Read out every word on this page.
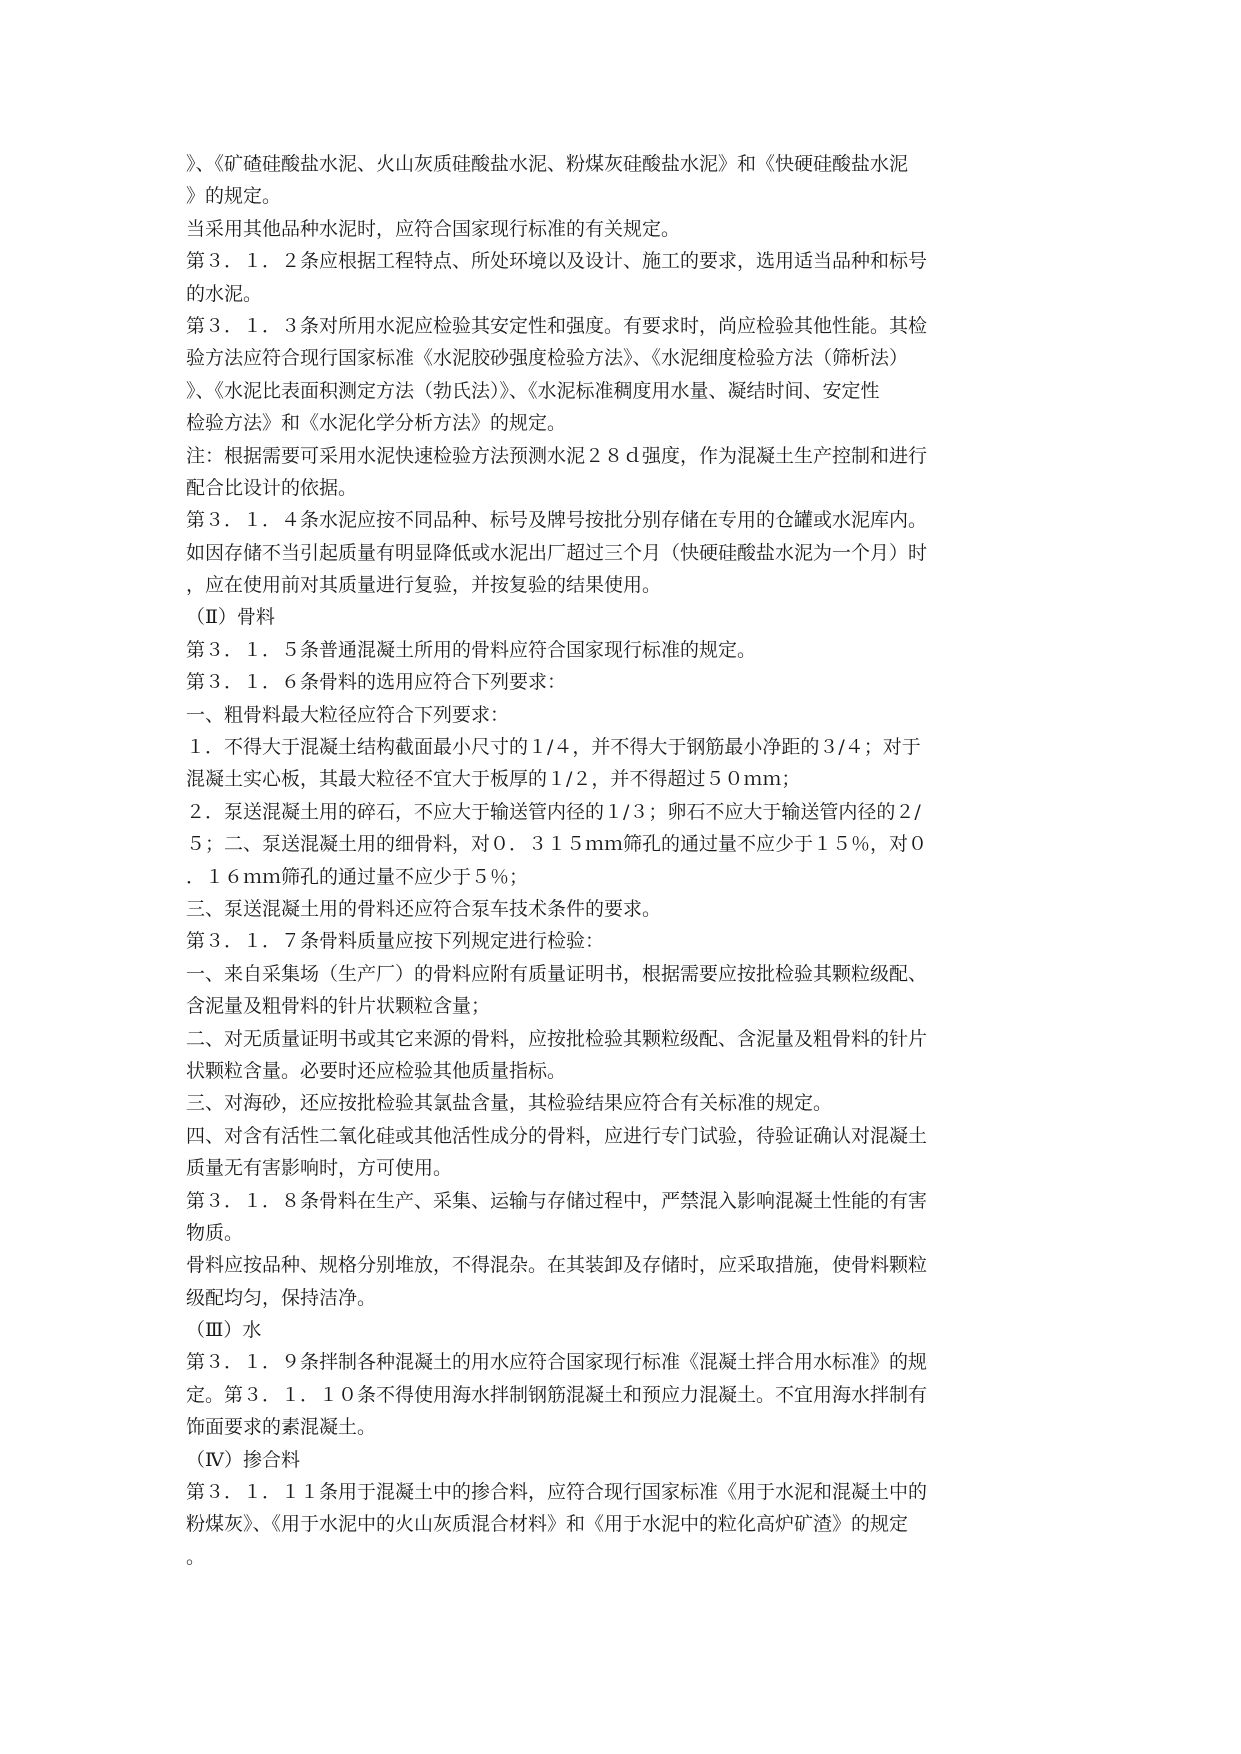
》、《矿碴硅酸盐水泥、火山灰质硅酸盐水泥、粉煤灰硅酸盐水泥》和《快硬硅酸盐水泥
》的规定。
当采用其他品种水泥时，应符合国家现行标准的有关规定。
第３．１．２条应根据工程特点、所处环境以及设计、施工的要求，选用适当品种和标号
的水泥。
第３．１．３条对所用水泥应检验其安定性和强度。有要求时，尚应检验其他性能。其检
验方法应符合现行国家标准《水泥胶砂强度检验方法》、《水泥细度检验方法（筛析法）
》、《水泥比表面积测定方法（勃氏法）》、《水泥标准稠度用水量、凝结时间、安定性
检验方法》和《水泥化学分析方法》的规定。
注：根据需要可采用水泥快速检验方法预测水泥２８ｄ强度，作为混凝土生产控制和进行
配合比设计的依据。
第３．１．４条水泥应按不同品种、标号及牌号按批分别存储在专用的仓罐或水泥库内。
如因存储不当引起质量有明显降低或水泥出厂超过三个月（快硬硅酸盐水泥为一个月）时
，应在使用前对其质量进行复验，并按复验的结果使用。
（Ⅱ）骨料
第３．１．５条普通混凝土所用的骨料应符合国家现行标准的规定。
第３．１．６条骨料的选用应符合下列要求：
一、粗骨料最大粒径应符合下列要求：
１．不得大于混凝土结构截面最小尺寸的１/４，并不得大于钢筋最小净距的３/４；对于
混凝土实心板，其最大粒径不宜大于板厚的１/２，并不得超过５０ｍｍ；
２．泵送混凝土用的碎石，不应大于输送管内径的１/３；卵石不应大于输送管内径的２/
５；二、泵送混凝土用的细骨料，对０．３１５ｍｍ筛孔的通过量不应少于１５％，对０
．１６ｍｍ筛孔的通过量不应少于５％；
三、泵送混凝土用的骨料还应符合泵车技术条件的要求。
第３．１．７条骨料质量应按下列规定进行检验：
一、来自采集场（生产厂）的骨料应附有质量证明书，根据需要应按批检验其颗粒级配、
含泥量及粗骨料的针片状颗粒含量；
二、对无质量证明书或其它来源的骨料，应按批检验其颗粒级配、含泥量及粗骨料的针片
状颗粒含量。必要时还应检验其他质量指标。
三、对海砂，还应按批检验其氯盐含量，其检验结果应符合有关标准的规定。
四、对含有活性二氧化硅或其他活性成分的骨料，应进行专门试验，待验证确认对混凝土
质量无有害影响时，方可使用。
第３．１．８条骨料在生产、采集、运输与存储过程中，严禁混入影响混凝土性能的有害
物质。
骨料应按品种、规格分别堆放，不得混杂。在其装卸及存储时，应采取措施，使骨料颗粒
级配均匀，保持洁净。
（Ⅲ）水
第３．１．９条拌制各种混凝土的用水应符合国家现行标准《混凝土拌合用水标准》的规
定。第３．１．１０条不得使用海水拌制钢筋混凝土和预应力混凝土。不宜用海水拌制有
饰面要求的素混凝土。
（Ⅳ）掺合料
第３．１．１１条用于混凝土中的掺合料，应符合现行国家标准《用于水泥和混凝土中的
粉煤灰》、《用于水泥中的火山灰质混合材料》和《用于水泥中的粒化高炉矿渣》的规定
。
